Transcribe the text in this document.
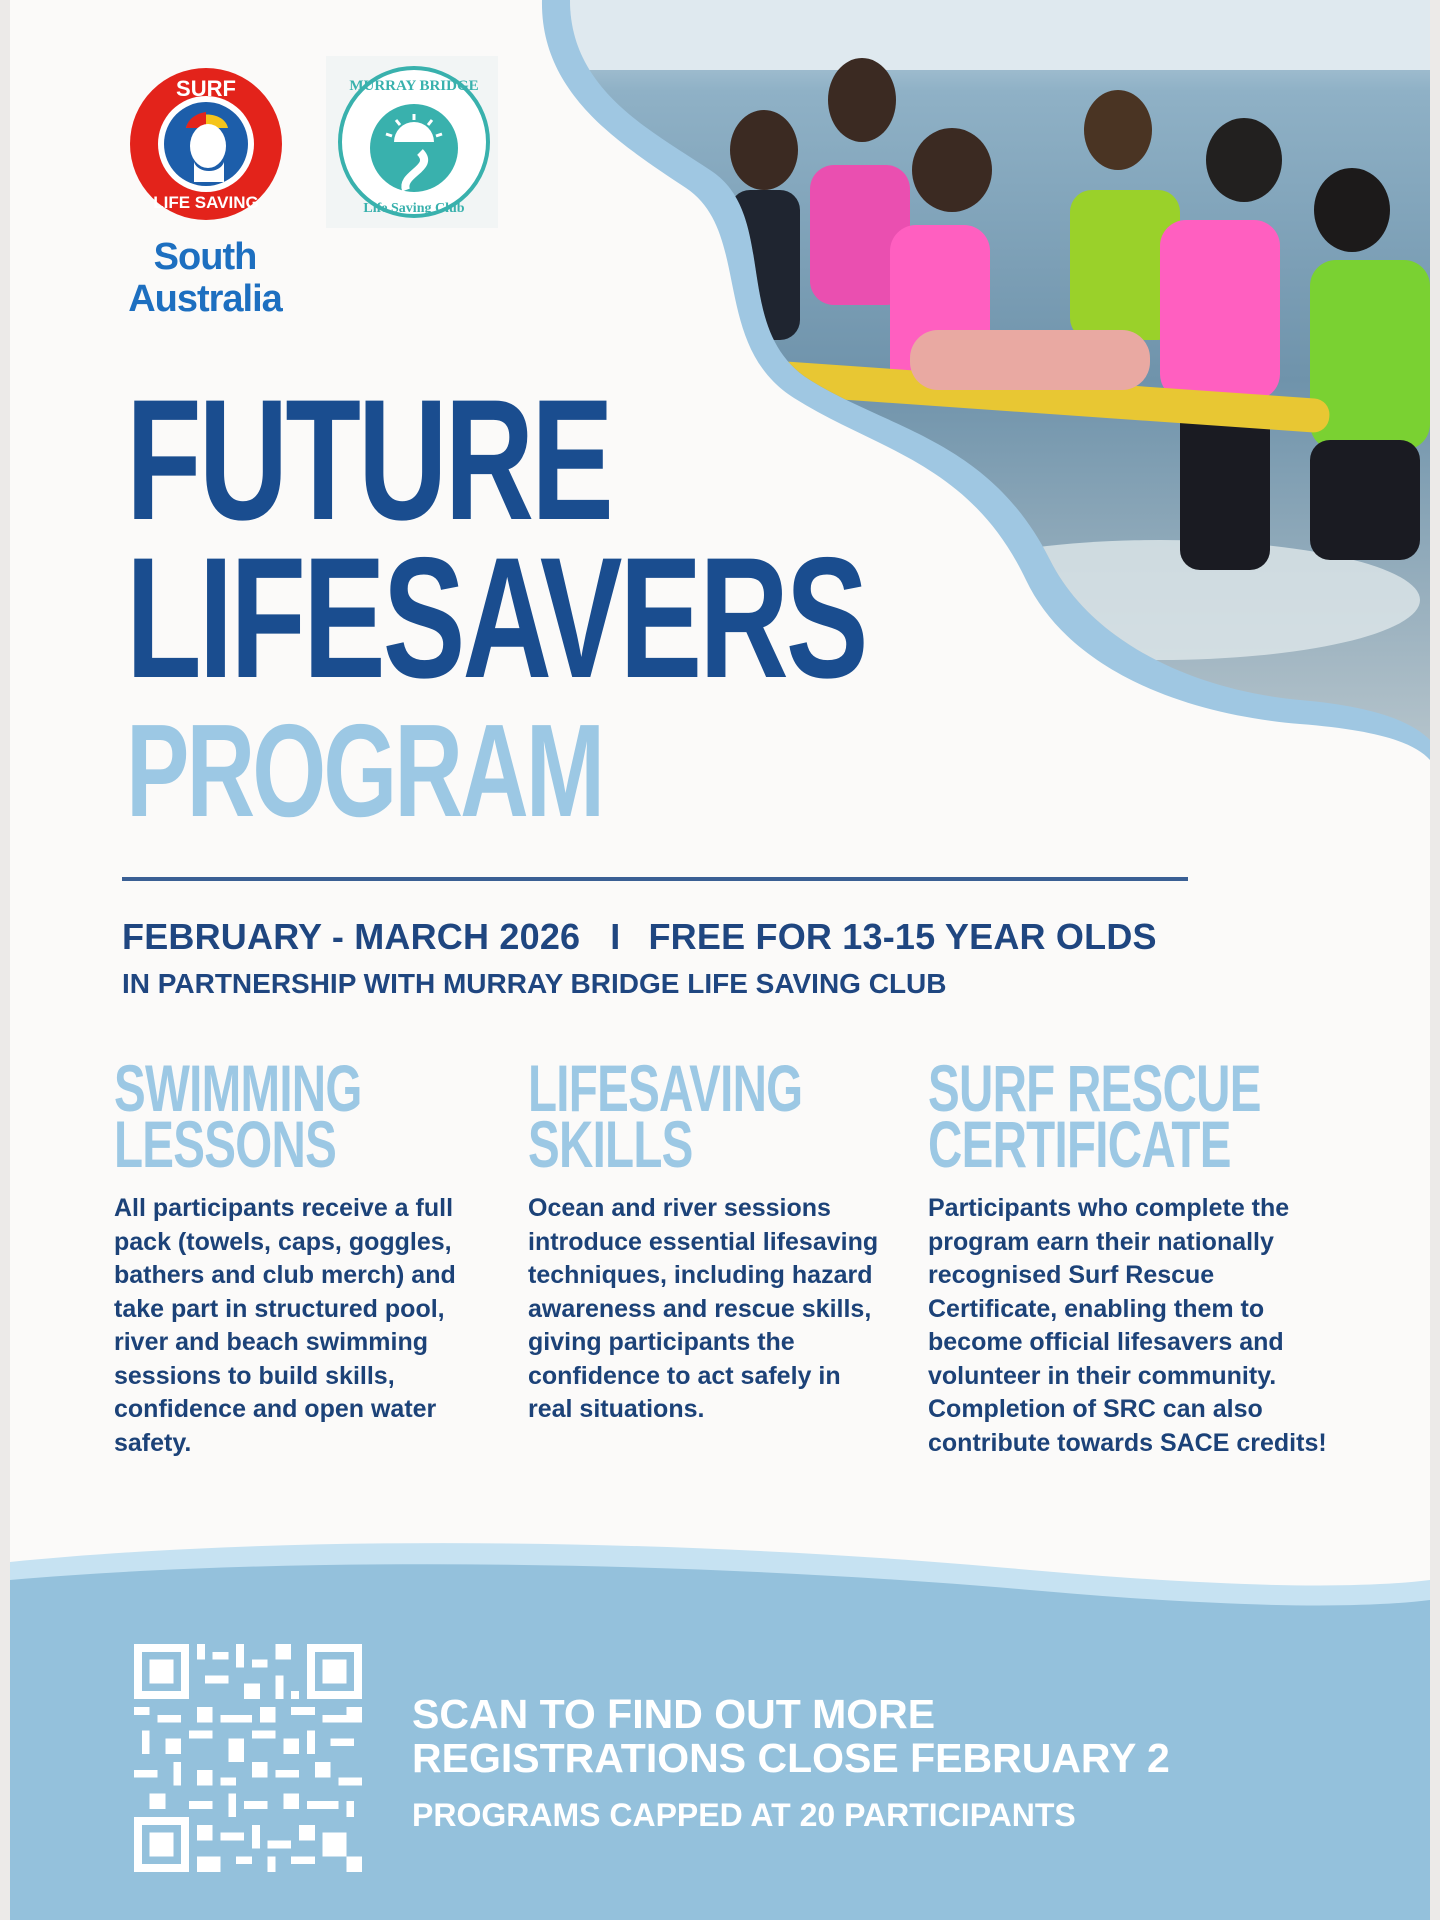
SURF
LIFE SAVING
South
Australia
MURRAY BRIDGE
Life Saving Club
FUTURE
LIFESAVERS
PROGRAM
FEBRUARY - MARCH 2026 I FREE FOR 13-15 YEAR OLDS
IN PARTNERSHIP WITH MURRAY BRIDGE LIFE SAVING CLUB
SWIMMING
LESSONS
All participants receive a full pack (towels, caps, goggles, bathers and club merch) and take part in structured pool, river and beach swimming sessions to build skills, confidence and open water safety.
LIFESAVING
SKILLS
Ocean and river sessions introduce essential lifesaving techniques, including hazard awareness and rescue skills, giving participants the confidence to act safely in real situations.
SURF RESCUE
CERTIFICATE
Participants who complete the program earn their nationally recognised Surf Rescue Certificate, enabling them to become official lifesavers and volunteer in their community. Completion of SRC can also contribute towards SACE credits!
SCAN TO FIND OUT MORE
REGISTRATIONS CLOSE FEBRUARY 2
PROGRAMS CAPPED AT 20 PARTICIPANTS
